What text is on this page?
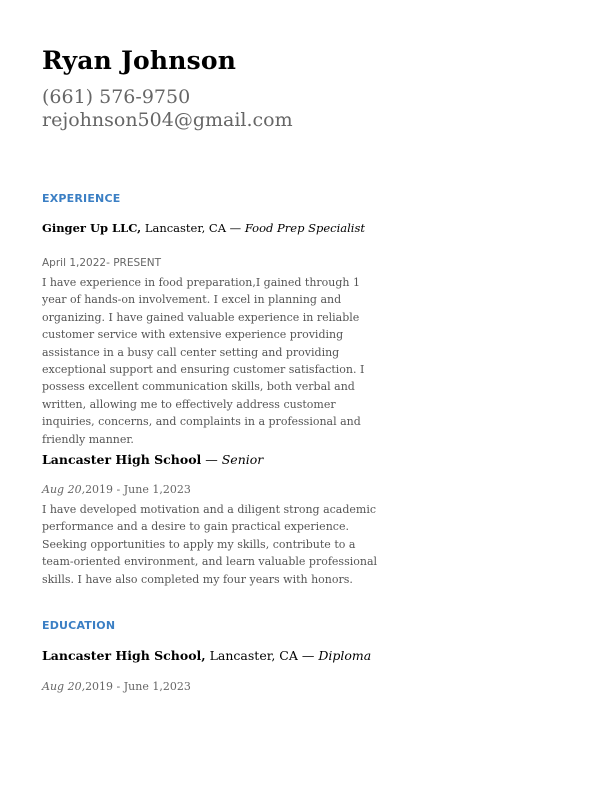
Ryan Johnson
(661) 576-9750
rejohnson504@gmail.com
EXPERIENCE
Ginger Up LLC, Lancaster, CA — Food Prep Specialist
April 1,2022- PRESENT

I have experience in food preparation,I gained through 1 year of hands-on involvement. I excel in planning and organizing. I have gained valuable experience in reliable customer service with extensive experience providing assistance in a busy call center setting and providing exceptional support and ensuring customer satisfaction. I possess excellent communication skills, both verbal and written, allowing me to effectively address customer inquiries, concerns, and complaints in a professional and friendly manner.

Lancaster High School — Senior
Aug 20,2019 - June 1,2023

I have developed motivation and a diligent strong academic performance and a desire to gain practical experience. Seeking opportunities to apply my skills, contribute to a team-oriented environment, and learn valuable professional skills. I have also completed my four years with honors.

EDUCATION
Lancaster High School, Lancaster, CA — Diploma
Aug 20,2019 - June 1,2023
